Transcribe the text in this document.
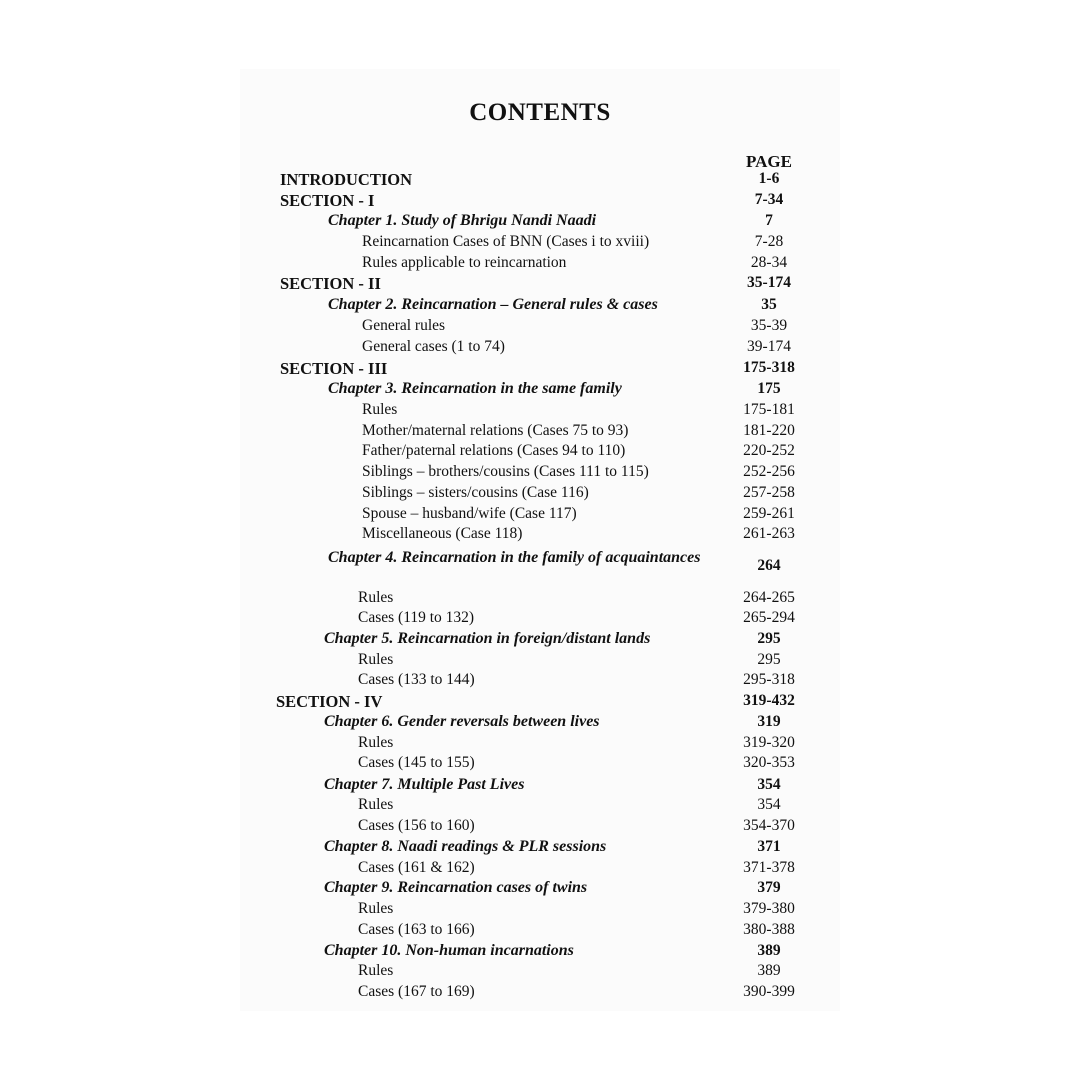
CONTENTS
PAGE
INTRODUCTION	1-6
SECTION - I	7-34
Chapter 1. Study of Bhrigu Nandi Naadi	7
Reincarnation Cases of BNN (Cases i to xviii)	7-28
Rules applicable to reincarnation	28-34
SECTION - II	35-174
Chapter 2. Reincarnation – General rules & cases	35
General rules	35-39
General cases (1 to 74)	39-174
SECTION - III	175-318
Chapter 3. Reincarnation in the same family	175
Rules	175-181
Mother/maternal relations (Cases 75 to 93)	181-220
Father/paternal relations (Cases 94 to 110)	220-252
Siblings – brothers/cousins (Cases 111 to 115)	252-256
Siblings – sisters/cousins (Case 116)	257-258
Spouse – husband/wife (Case 117)	259-261
Miscellaneous (Case 118)	261-263
Chapter 4. Reincarnation in the family of acquaintances	264
Rules	264-265
Cases (119 to 132)	265-294
Chapter 5. Reincarnation in foreign/distant lands	295
Rules	295
Cases (133 to 144)	295-318
SECTION - IV	319-432
Chapter 6. Gender reversals between lives	319
Rules	319-320
Cases (145 to 155)	320-353
Chapter 7. Multiple Past Lives	354
Rules	354
Cases (156 to 160)	354-370
Chapter 8. Naadi readings & PLR sessions	371
Cases (161 & 162)	371-378
Chapter 9. Reincarnation cases of twins	379
Rules	379-380
Cases (163 to 166)	380-388
Chapter 10. Non-human incarnations	389
Rules	389
Cases (167 to 169)	390-399
